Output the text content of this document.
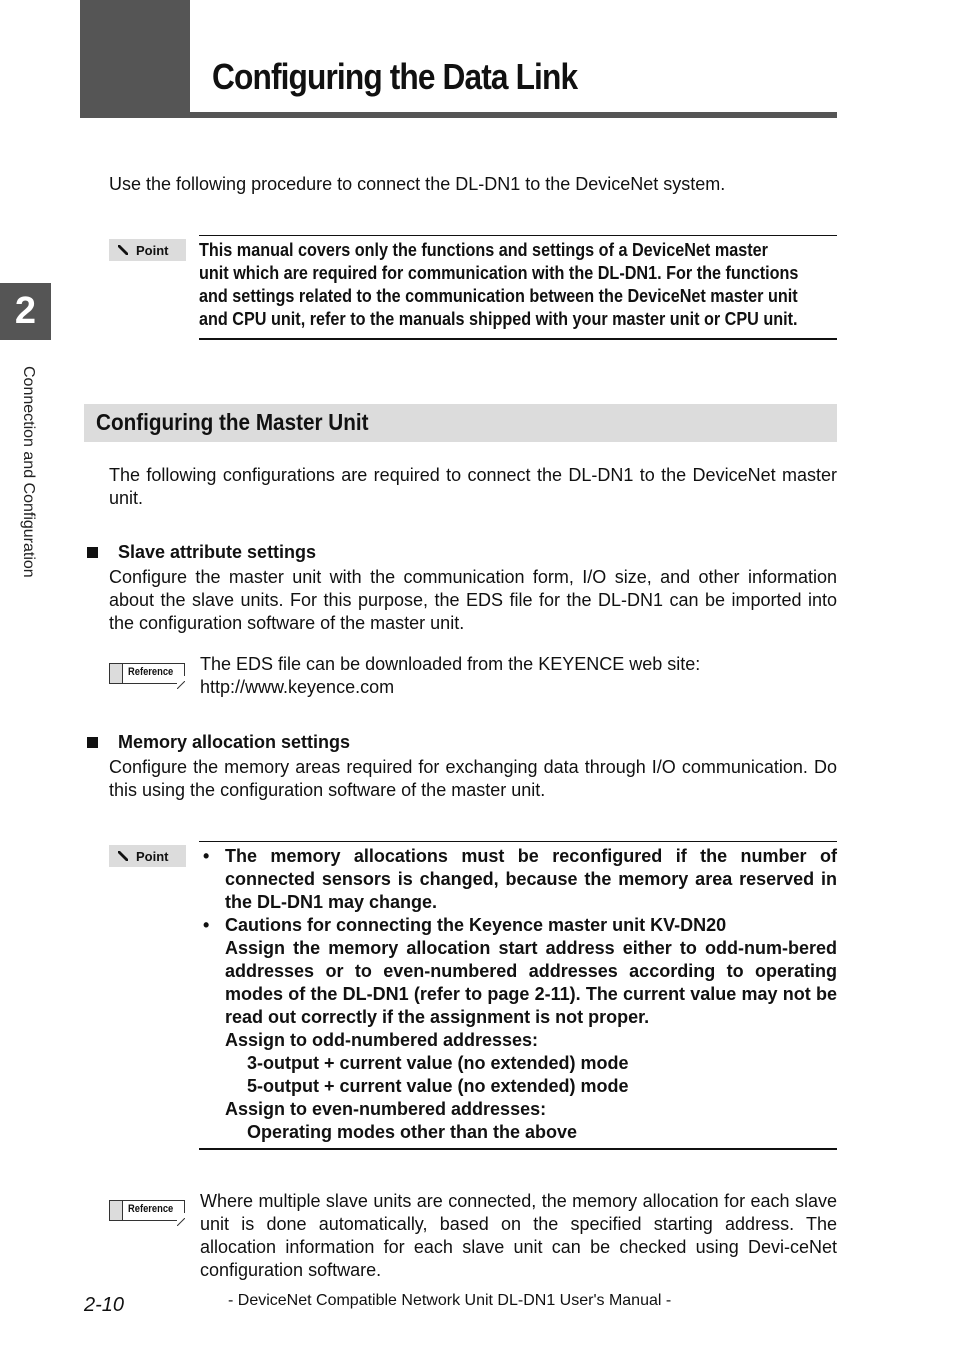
Configuring the Data Link
2
Connection and Configuration
Use the following procedure to connect the DL-DN1 to the DeviceNet system.
Point This manual covers only the functions and settings of a DeviceNet master
unit which are required for communication with the DL-DN1. For the functions
and settings related to the communication between the DeviceNet master unit
and CPU unit, refer to the manuals shipped with your master unit or CPU unit.
Configuring the Master Unit
The following configurations are required to connect the DL-DN1 to the DeviceNet master unit.
Slave attribute settings
Configure the master unit with the communication form, I/O size, and other information about the slave units. For this purpose, the EDS file for the DL-DN1 can be imported into the configuration software of the master unit.
Reference The EDS file can be downloaded from the KEYENCE web site:
http://www.keyence.com
Memory allocation settings
Configure the memory areas required for exchanging data through I/O communication. Do this using the configuration software of the master unit.
Point • The memory allocations must be reconfigured if the number of connected sensors is changed, because the memory area reserved in the DL-DN1 may change.
• Cautions for connecting the Keyence master unit KV-DN20
Assign the memory allocation start address either to odd-num-bered addresses or to even-numbered addresses according to operating modes of the DL-DN1 (refer to page 2-11). The current value may not be read out correctly if the assignment is not proper.
Assign to odd-numbered addresses:
3-output + current value (no extended) mode
5-output + current value (no extended) mode
Assign to even-numbered addresses:
Operating modes other than the above
Reference Where multiple slave units are connected, the memory allocation for each slave unit is done automatically, based on the specified starting address. The allocation information for each slave unit can be checked using Devi-ceNet configuration software.
2-10	- DeviceNet Compatible Network Unit DL-DN1 User's Manual -
